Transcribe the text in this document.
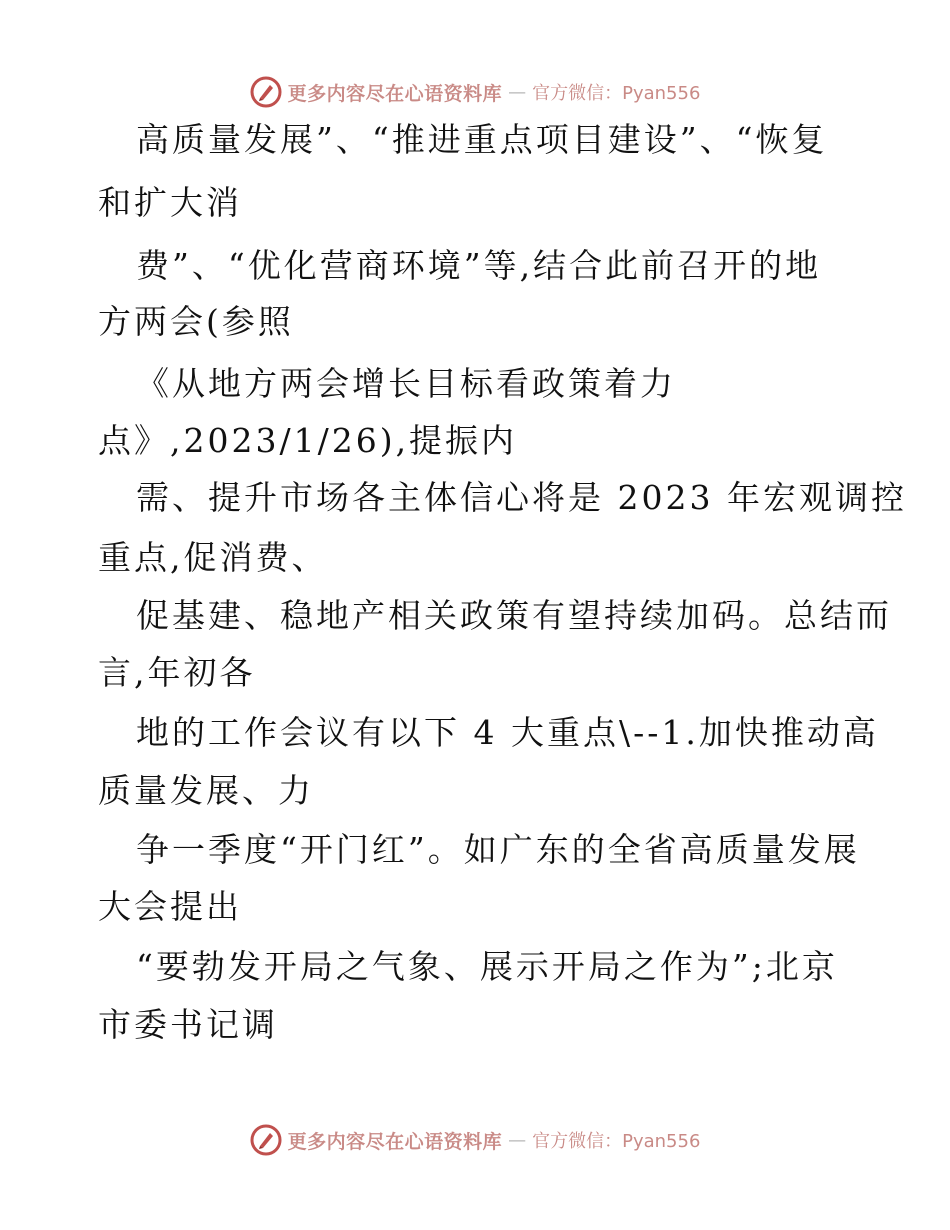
更多内容尽在心语资料库 — 官方微信：Pyan556
高质量发展”、“推进重点项目建设”、“恢复
和扩大消
费”、“优化营商环境”等,结合此前召开的地
方两会(参照
《从地方两会增长目标看政策着力
点》,2023/1/26),提振内
需、提升市场各主体信心将是 2023 年宏观调控
重点,促消费、
促基建、稳地产相关政策有望持续加码。总结而
言,年初各
地的工作会议有以下 4 大重点\--1.加快推动高
质量发展、力
争一季度“开门红”。如广东的全省高质量发展
大会提出
“要勃发开局之气象、展示开局之作为”;北京
市委书记调
更多内容尽在心语资料库 — 官方微信：Pyan556
